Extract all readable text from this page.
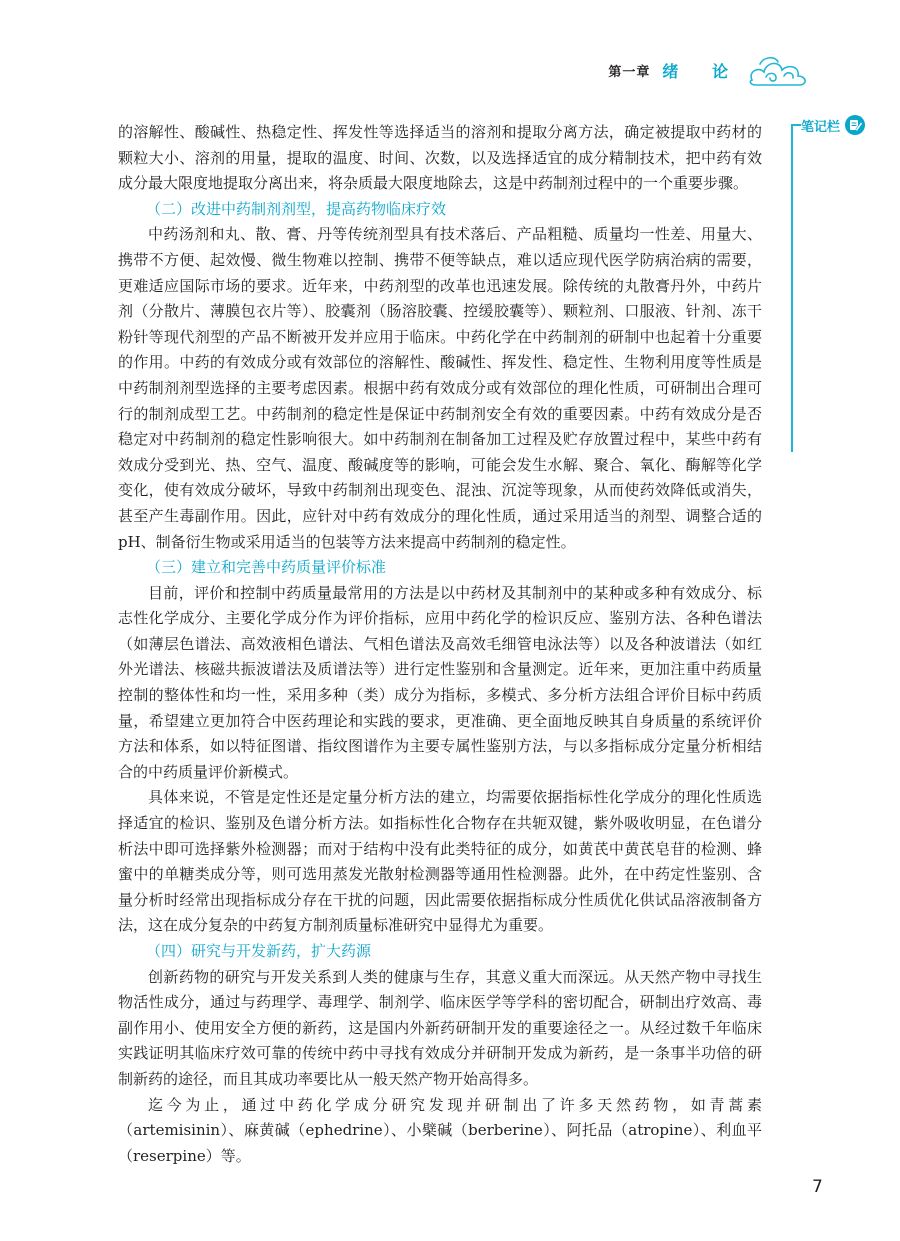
第一章 绪 论
笔记栏

的溶解性、酸碱性、热稳定性、挥发性等选择适当的溶剂和提取分离方法，确定被提取中药材的颗粒大小、溶剂的用量，提取的温度、时间、次数，以及选择适宜的成分精制技术，把中药有效成分最大限度地提取分离出来，将杂质最大限度地除去，这是中药制剂过程中的一个重要步骤。

（二）改进中药制剂剂型，提高药物临床疗效

中药汤剂和丸、散、膏、丹等传统剂型具有技术落后、产品粗糙、质量均一性差、用量大、携带不方便、起效慢、微生物难以控制、携带不便等缺点，难以适应现代医学防病治病的需要，更难适应国际市场的要求。近年来，中药剂型的改革也迅速发展。除传统的丸散膏丹外，中药片剂（分散片、薄膜包衣片等）、胶囊剂（肠溶胶囊、控缓胶囊等）、颗粒剂、口服液、针剂、冻干粉针等现代剂型的产品不断被开发并应用于临床。中药化学在中药制剂的研制中也起着十分重要的作用。中药的有效成分或有效部位的溶解性、酸碱性、挥发性、稳定性、生物利用度等性质是中药制剂剂型选择的主要考虑因素。根据中药有效成分或有效部位的理化性质，可研制出合理可行的制剂成型工艺。中药制剂的稳定性是保证中药制剂安全有效的重要因素。中药有效成分是否稳定对中药制剂的稳定性影响很大。如中药制剂在制备加工过程及贮存放置过程中，某些中药有效成分受到光、热、空气、温度、酸碱度等的影响，可能会发生水解、聚合、氧化、酶解等化学变化，使有效成分破坏，导致中药制剂出现变色、混浊、沉淀等现象，从而使药效降低或消失，甚至产生毒副作用。因此，应针对中药有效成分的理化性质，通过采用适当的剂型、调整合适的 pH、制备衍生物或采用适当的包装等方法来提高中药制剂的稳定性。

（三）建立和完善中药质量评价标准

目前，评价和控制中药质量最常用的方法是以中药材及其制剂中的某种或多种有效成分、标志性化学成分、主要化学成分作为评价指标，应用中药化学的检识反应、鉴别方法、各种色谱法（如薄层色谱法、高效液相色谱法、气相色谱法及高效毛细管电泳法等）以及各种波谱法（如红外光谱法、核磁共振波谱法及质谱法等）进行定性鉴别和含量测定。近年来，更加注重中药质量控制的整体性和均一性，采用多种（类）成分为指标，多模式、多分析方法组合评价目标中药质量，希望建立更加符合中医药理论和实践的要求，更准确、更全面地反映其自身质量的系统评价方法和体系，如以特征图谱、指纹图谱作为主要专属性鉴别方法，与以多指标成分定量分析相结合的中药质量评价新模式。

具体来说，不管是定性还是定量分析方法的建立，均需要依据指标性化学成分的理化性质选择适宜的检识、鉴别及色谱分析方法。如指标性化合物存在共轭双键，紫外吸收明显，在色谱分析法中即可选择紫外检测器；而对于结构中没有此类特征的成分，如黄芪中黄芪皂苷的检测、蜂蜜中的单糖类成分等，则可选用蒸发光散射检测器等通用性检测器。此外，在中药定性鉴别、含量分析时经常出现指标成分存在干扰的问题，因此需要依据指标成分性质优化供试品溶液制备方法，这在成分复杂的中药复方制剂质量标准研究中显得尤为重要。

（四）研究与开发新药，扩大药源

创新药物的研究与开发关系到人类的健康与生存，其意义重大而深远。从天然产物中寻找生物活性成分，通过与药理学、毒理学、制剂学、临床医学等学科的密切配合，研制出疗效高、毒副作用小、使用安全方便的新药，这是国内外新药研制开发的重要途径之一。从经过数千年临床实践证明其临床疗效可靠的传统中药中寻找有效成分并研制开发成为新药，是一条事半功倍的研制新药的途径，而且其成功率要比从一般天然产物开始高得多。

迄今为止，通过中药化学成分研究发现并研制出了许多天然药物，如青蒿素（artemisinin）、麻黄碱（ephedrine）、小檗碱（berberine）、阿托品（atropine）、利血平（reserpine）等。

7
